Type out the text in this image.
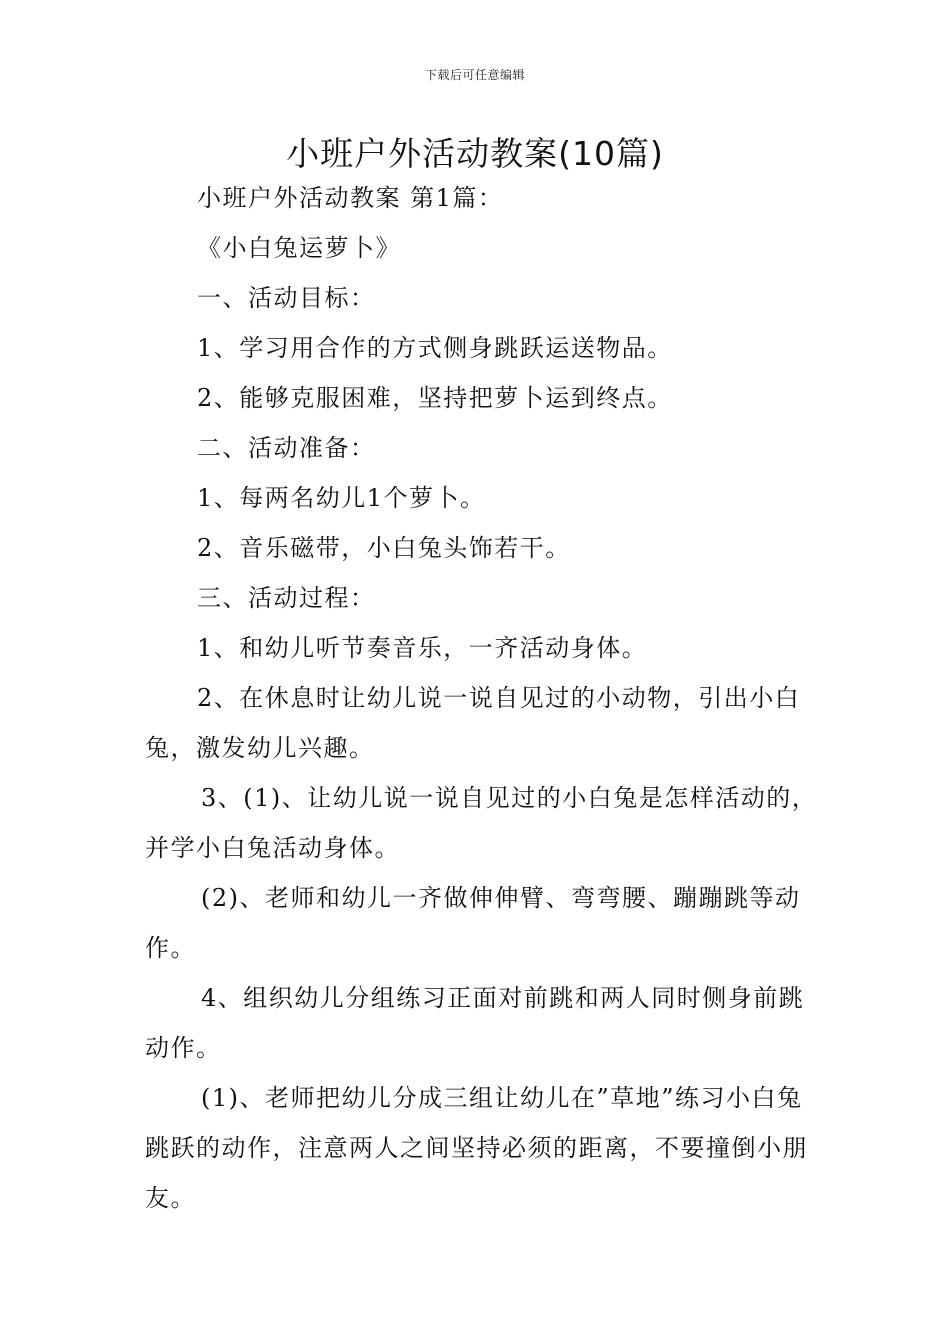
下载后可任意编辑
小班户外活动教案(10篇)

小班户外活动教案 第1篇：

《小白兔运萝卜》

一、活动目标：

1、学习用合作的方式侧身跳跃运送物品。

2、能够克服困难，坚持把萝卜运到终点。

二、活动准备：

1、每两名幼儿1个萝卜。

2、音乐磁带，小白兔头饰若干。

三、活动过程：

1、和幼儿听节奏音乐，一齐活动身体。

2、在休息时让幼儿说一说自见过的小动物，引出小白兔，激发幼儿兴趣。

3、(1)、让幼儿说一说自见过的小白兔是怎样活动的，并学小白兔活动身体。

(2)、老师和幼儿一齐做伸伸臂、弯弯腰、蹦蹦跳等动作。

4、组织幼儿分组练习正面对前跳和两人同时侧身前跳动作。

(1)、老师把幼儿分成三组让幼儿在”草地”练习小白兔跳跃的动作，注意两人之间坚持必须的距离，不要撞倒小朋友。
